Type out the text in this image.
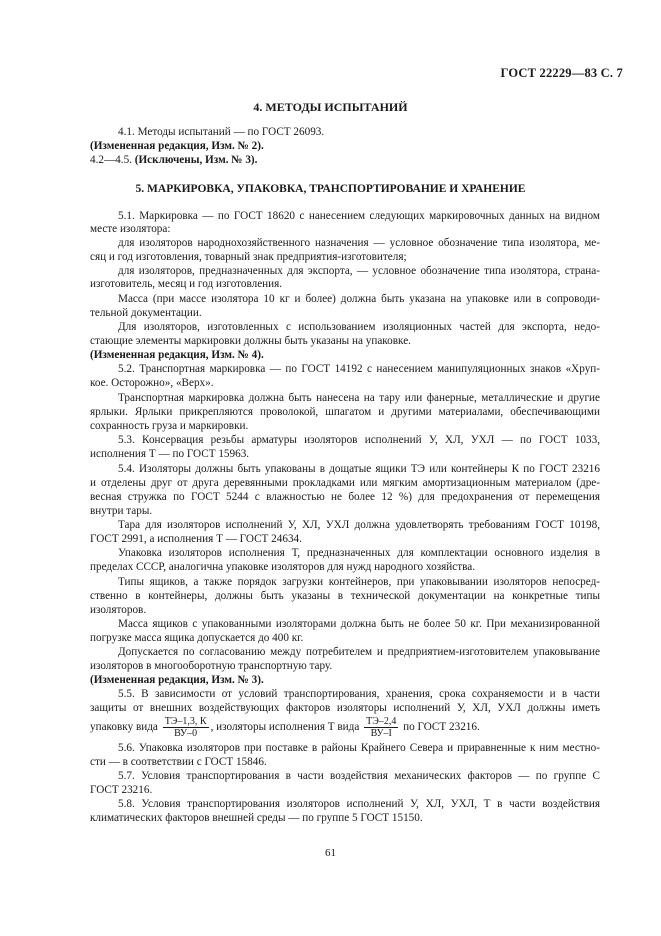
ГОСТ 22229—83 С. 7
4. МЕТОДЫ ИСПЫТАНИЙ
4.1. Методы испытаний — по ГОСТ 26093.
(Измененная редакция, Изм. № 2).
4.2—4.5. (Исключены, Изм. № 3).
5. МАРКИРОВКА, УПАКОВКА, ТРАНСПОРТИРОВАНИЕ И ХРАНЕНИЕ
5.1. Маркировка — по ГОСТ 18620 с нанесением следующих маркировочных данных на видном
месте изолятора:
для изоляторов народнохозяйственного назначения — условное обозначение типа изолятора, ме-
сяц и год изготовления, товарный знак предприятия-изготовителя;
для изоляторов, предназначенных для экспорта, — условное обозначение типа изолятора, страна-
изготовитель, месяц и год изготовления.
Масса (при массе изолятора 10 кг и более) должна быть указана на упаковке или в сопроводи-
тельной документации.
Для изоляторов, изготовленных с использованием изоляционных частей для экспорта, недо-
стающие элементы маркировки должны быть указаны на упаковке.
(Измененная редакция, Изм. № 4).
5.2. Транспортная маркировка — по ГОСТ 14192 с нанесением манипуляционных знаков «Хруп-
кое. Осторожно», «Верх».
Транспортная маркировка должна быть нанесена на тару или фанерные, металлические и другие
ярлыки. Ярлыки прикрепляются проволокой, шпагатом и другими материалами, обеспечивающими
сохранность груза и маркировки.
5.3. Консервация резьбы арматуры изоляторов исполнений У, ХЛ, УХЛ — по ГОСТ 1033,
исполнения Т — по ГОСТ 15963.
5.4. Изоляторы должны быть упакованы в дощатые ящики ТЭ или контейнеры К по ГОСТ 23216
и отделены друг от друга деревянными прокладками или мягким амортизационным материалом (дре-
весная стружка по ГОСТ 5244 с влажностью не более 12 %) для предохранения от перемещения
внутри тары.
Тара для изоляторов исполнений У, ХЛ, УХЛ должна удовлетворять требованиям ГОСТ 10198,
ГОСТ 2991, а исполнения Т — ГОСТ 24634.
Упаковка изоляторов исполнения Т, предназначенных для комплектации основного изделия в
пределах СССР, аналогична упаковке изоляторов для нужд народного хозяйства.
Типы ящиков, а также порядок загрузки контейнеров, при упаковывании изоляторов непосред-
ственно в контейнеры, должны быть указаны в технической документации на конкретные типы
изоляторов.
Масса ящиков с упакованными изоляторами должна быть не более 50 кг. При механизированной
погрузке масса ящика допускается до 400 кг.
Допускается по согласованию между потребителем и предприятием-изготовителем упаковывание
изоляторов в многооборотную транспортную тару.
(Измененная редакция, Изм. № 3).
5.5. В зависимости от условий транспортирования, хранения, срока сохраняемости и в части
защиты от внешних воздействующих факторов изоляторы исполнений У, ХЛ, УХЛ должны иметь
упаковку вида $\frac{ТЭ-1,3, К}{ВУ-0}$ , изоляторы исполнения Т вида $\frac{ТЭ-2,4}{ВУ-I}$ по ГОСТ 23216.
5.6. Упаковка изоляторов при поставке в районы Крайнего Севера и приравненные к ним местно-
сти — в соответствии с ГОСТ 15846.
5.7. Условия транспортирования в части воздействия механических факторов — по группе С
ГОСТ 23216.
5.8. Условия транспортирования изоляторов исполнений У, ХЛ, УХЛ, Т в части воздействия
климатических факторов внешней среды — по группе 5 ГОСТ 15150.
61
